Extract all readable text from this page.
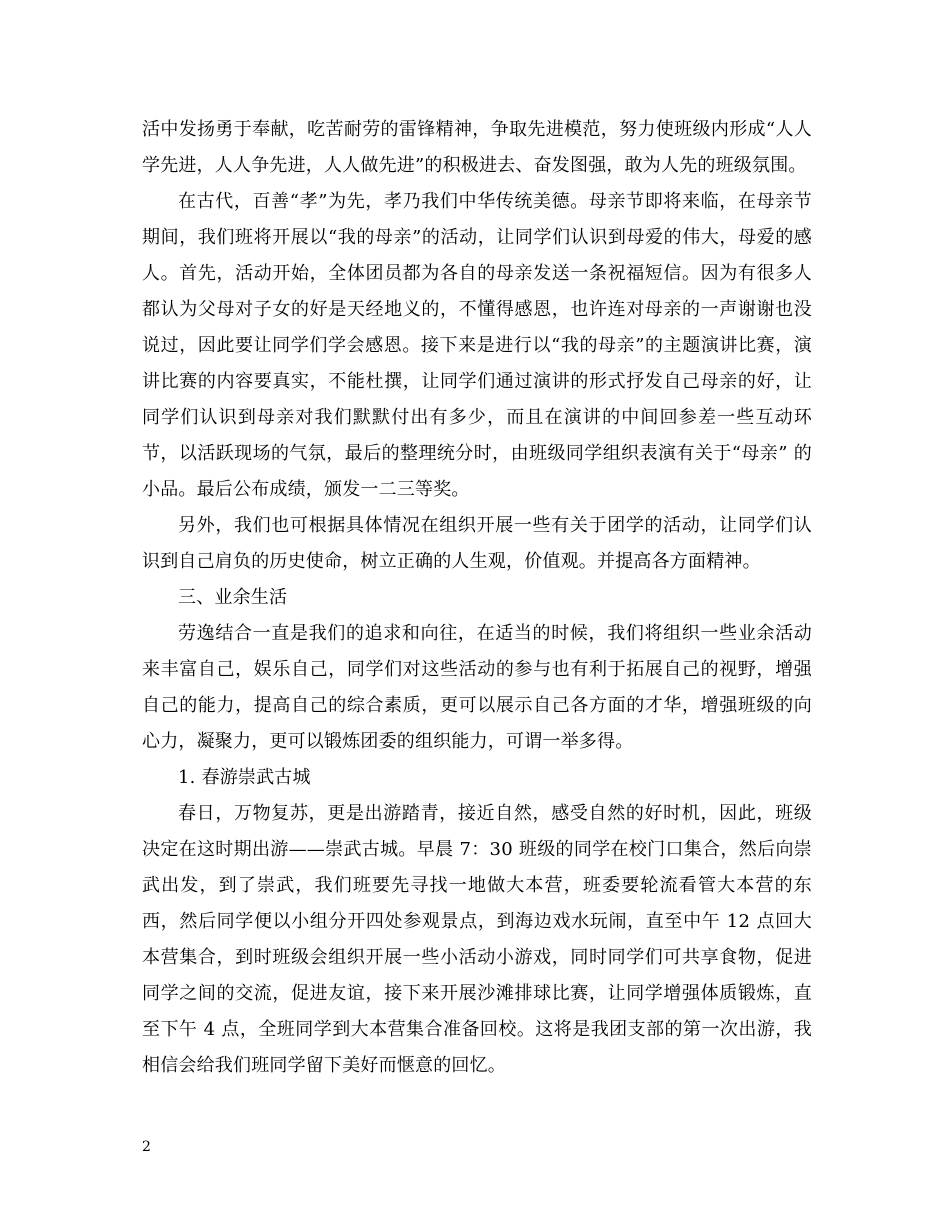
活中发扬勇于奉献，吃苦耐劳的雷锋精神，争取先进模范，努力使班级内形成“人人学先进，人人争先进，人人做先进”的积极进去、奋发图强，敢为人先的班级氛围。

在古代，百善“孝”为先，孝乃我们中华传统美德。母亲节即将来临，在母亲节期间，我们班将开展以“我的母亲”的活动，让同学们认识到母爱的伟大，母爱的感人。首先，活动开始，全体团员都为各自的母亲发送一条祝福短信。因为有很多人都认为父母对子女的好是天经地义的，不懂得感恩，也许连对母亲的一声谢谢也没说过，因此要让同学们学会感恩。接下来是进行以“我的母亲”的主题演讲比赛，演讲比赛的内容要真实，不能杜撰，让同学们通过演讲的形式抒发自己母亲的好，让同学们认识到母亲对我们默默付出有多少，而且在演讲的中间回参差一些互动环节，以活跃现场的气氛，最后的整理统分时，由班级同学组织表演有关于“母亲” 的小品。最后公布成绩，颁发一二三等奖。

另外，我们也可根据具体情况在组织开展一些有关于团学的活动，让同学们认识到自己肩负的历史使命，树立正确的人生观，价值观。并提高各方面精神。

三、业余生活

劳逸结合一直是我们的追求和向往，在适当的时候，我们将组织一些业余活动来丰富自己，娱乐自己，同学们对这些活动的参与也有利于拓展自己的视野，增强自己的能力，提高自己的综合素质，更可以展示自己各方面的才华，增强班级的向心力，凝聚力，更可以锻炼团委的组织能力，可谓一举多得。

1. 春游崇武古城

春日，万物复苏，更是出游踏青，接近自然，感受自然的好时机，因此，班级决定在这时期出游——崇武古城。早晨 7：30 班级的同学在校门口集合，然后向崇武出发，到了崇武，我们班要先寻找一地做大本营，班委要轮流看管大本营的东西，然后同学便以小组分开四处参观景点，到海边戏水玩闹，直至中午 12 点回大本营集合，到时班级会组织开展一些小活动小游戏，同时同学们可共享食物，促进同学之间的交流，促进友谊，接下来开展沙滩排球比赛，让同学增强体质锻炼，直至下午 4 点，全班同学到大本营集合准备回校。这将是我团支部的第一次出游，我相信会给我们班同学留下美好而惬意的回忆。

2
